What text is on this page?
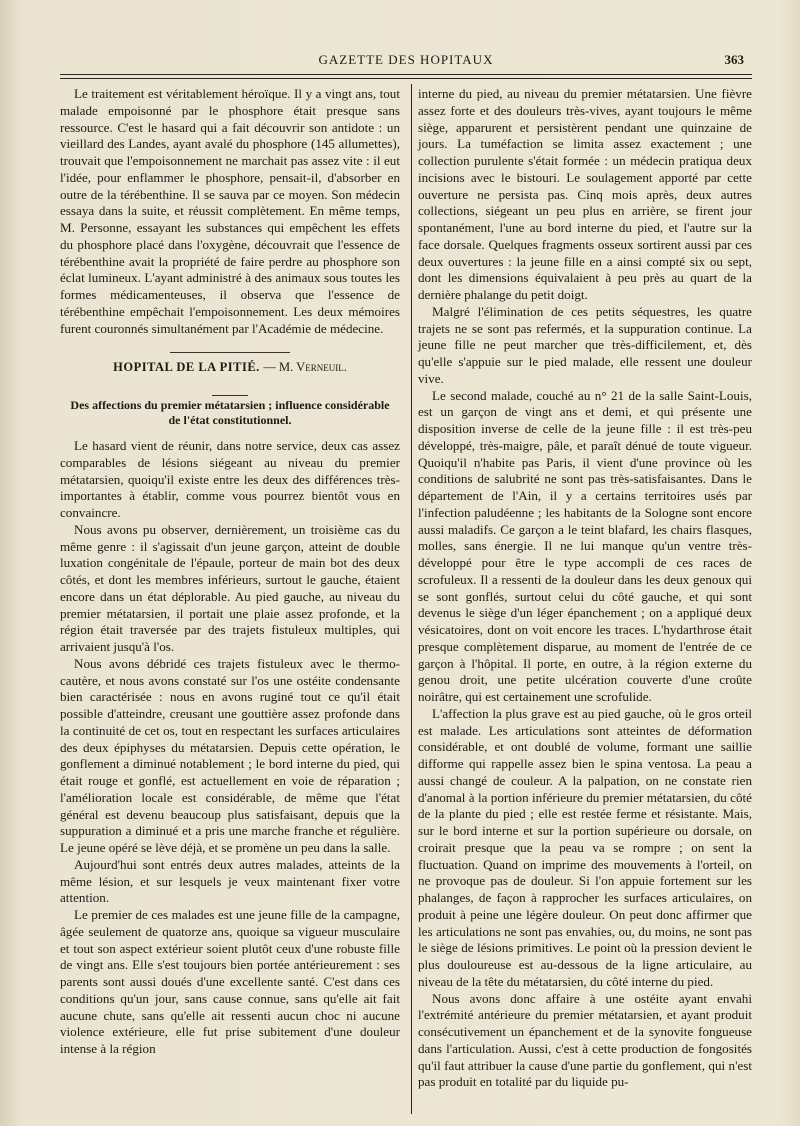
GAZETTE DES HOPITAUX	363

Le traitement est véritablement héroïque. Il y a vingt ans, tout malade empoisonné par le phosphore était presque sans ressource. C'est le hasard qui a fait découvrir son antidote : un vieillard des Landes, ayant avalé du phosphore (145 allumettes), trouvait que l'empoisonnement ne marchait pas assez vite : il eut l'idée, pour enflammer le phosphore, pensait-il, d'absorber en outre de la térébenthine. Il se sauva par ce moyen. Son médecin essaya dans la suite, et réussit complètement. En même temps, M. Personne, essayant les substances qui empêchent les effets du phosphore placé dans l'oxygène, découvrait que l'essence de térébenthine avait la propriété de faire perdre au phosphore son éclat lumineux. L'ayant administré à des animaux sous toutes les formes médicamenteuses, il observa que l'essence de térébenthine empêchait l'empoisonnement. Les deux mémoires furent couronnés simultanément par l'Académie de médecine.

HOPITAL DE LA PITIÉ. — M. Verneuil.
Des affections du premier métatarsien ; influence considérable de l'état constitutionnel.

Le hasard vient de réunir, dans notre service, deux cas assez comparables de lésions siégeant au niveau du premier métatarsien, quoiqu'il existe entre les deux des différences très-importantes à établir, comme vous pourrez bientôt vous en convaincre.

Nous avons pu observer, dernièrement, un troisième cas du même genre : il s'agissait d'un jeune garçon, atteint de double luxation congénitale de l'épaule, porteur de main bot des deux côtés, et dont les membres inférieurs, surtout le gauche, étaient encore dans un état déplorable. Au pied gauche, au niveau du premier métatarsien, il portait une plaie assez profonde, et la région était traversée par des trajets fistuleux multiples, qui arrivaient jusqu'à l'os.

Nous avons débridé ces trajets fistuleux avec le thermo-cautère, et nous avons constaté sur l'os une ostéite condensante bien caractérisée : nous en avons ruginé tout ce qu'il était possible d'atteindre, creusant une gouttière assez profonde dans la continuité de cet os, tout en respectant les surfaces articulaires des deux épiphyses du métatarsien. Depuis cette opération, le gonflement a diminué notablement ; le bord interne du pied, qui était rouge et gonflé, est actuellement en voie de réparation ; l'amélioration locale est considérable, de même que l'état général est devenu beaucoup plus satisfaisant, depuis que la suppuration a diminué et a pris une marche franche et régulière. Le jeune opéré se lève déjà, et se promène un peu dans la salle.

Aujourd'hui sont entrés deux autres malades, atteints de la même lésion, et sur lesquels je veux maintenant fixer votre attention.

Le premier de ces malades est une jeune fille de la campagne, âgée seulement de quatorze ans, quoique sa vigueur musculaire et tout son aspect extérieur soient plutôt ceux d'une robuste fille de vingt ans. Elle s'est toujours bien portée antérieurement : ses parents sont aussi doués d'une excellente santé. C'est dans ces conditions qu'un jour, sans cause connue, sans qu'elle ait fait aucune chute, sans qu'elle ait ressenti aucun choc ni aucune violence extérieure, elle fut prise subitement d'une douleur intense à la région

interne du pied, au niveau du premier métatarsien. Une fièvre assez forte et des douleurs très-vives, ayant toujours le même siège, apparurent et persistèrent pendant une quinzaine de jours. La tuméfaction se limita assez exactement ; une collection purulente s'était formée : un médecin pratiqua deux incisions avec le bistouri. Le soulagement apporté par cette ouverture ne persista pas. Cinq mois après, deux autres collections, siégeant un peu plus en arrière, se firent jour spontanément, l'une au bord interne du pied, et l'autre sur la face dorsale. Quelques fragments osseux sortirent aussi par ces deux ouvertures : la jeune fille en a ainsi compté six ou sept, dont les dimensions équivalaient à peu près au quart de la dernière phalange du petit doigt.

Malgré l'élimination de ces petits séquestres, les quatre trajets ne se sont pas refermés, et la suppuration continue. La jeune fille ne peut marcher que très-difficilement, et, dès qu'elle s'appuie sur le pied malade, elle ressent une douleur vive.

Le second malade, couché au n° 21 de la salle Saint-Louis, est un garçon de vingt ans et demi, et qui présente une disposition inverse de celle de la jeune fille : il est très-peu développé, très-maigre, pâle, et paraît dénué de toute vigueur. Quoiqu'il n'habite pas Paris, il vient d'une province où les conditions de salubrité ne sont pas très-satisfaisantes. Dans le département de l'Ain, il y a certains territoires usés par l'infection paludéenne ; les habitants de la Sologne sont encore aussi maladifs. Ce garçon a le teint blafard, les chairs flasques, molles, sans énergie. Il ne lui manque qu'un ventre très-développé pour être le type accompli de ces races de scrofuleux. Il a ressenti de la douleur dans les deux genoux qui se sont gonflés, surtout celui du côté gauche, et qui sont devenus le siège d'un léger épanchement ; on a appliqué deux vésicatoires, dont on voit encore les traces. L'hydarthrose était presque complètement disparue, au moment de l'entrée de ce garçon à l'hôpital. Il porte, en outre, à la région externe du genou droit, une petite ulcération couverte d'une croûte noirâtre, qui est certainement une scrofulide.

L'affection la plus grave est au pied gauche, où le gros orteil est malade. Les articulations sont atteintes de déformation considérable, et ont doublé de volume, formant une saillie difforme qui rappelle assez bien le spina ventosa. La peau a aussi changé de couleur. A la palpation, on ne constate rien d'anomal à la portion inférieure du premier métatarsien, du côté de la plante du pied ; elle est restée ferme et résistante. Mais, sur le bord interne et sur la portion supérieure ou dorsale, on croirait presque que la peau va se rompre ; on sent la fluctuation. Quand on imprime des mouvements à l'orteil, on ne provoque pas de douleur. Si l'on appuie fortement sur les phalanges, de façon à rapprocher les surfaces articulaires, on produit à peine une légère douleur. On peut donc affirmer que les articulations ne sont pas envahies, ou, du moins, ne sont pas le siège de lésions primitives. Le point où la pression devient le plus douloureuse est au-dessous de la ligne articulaire, au niveau de la tête du métatarsien, du côté interne du pied.

Nous avons donc affaire à une ostéite ayant envahi l'extrémité antérieure du premier métatarsien, et ayant produit consécutivement un épanchement et de la synovite fongueuse dans l'articulation. Aussi, c'est à cette production de fongosités qu'il faut attribuer la cause d'une partie du gonflement, qui n'est pas produit en totalité par du liquide pu-
